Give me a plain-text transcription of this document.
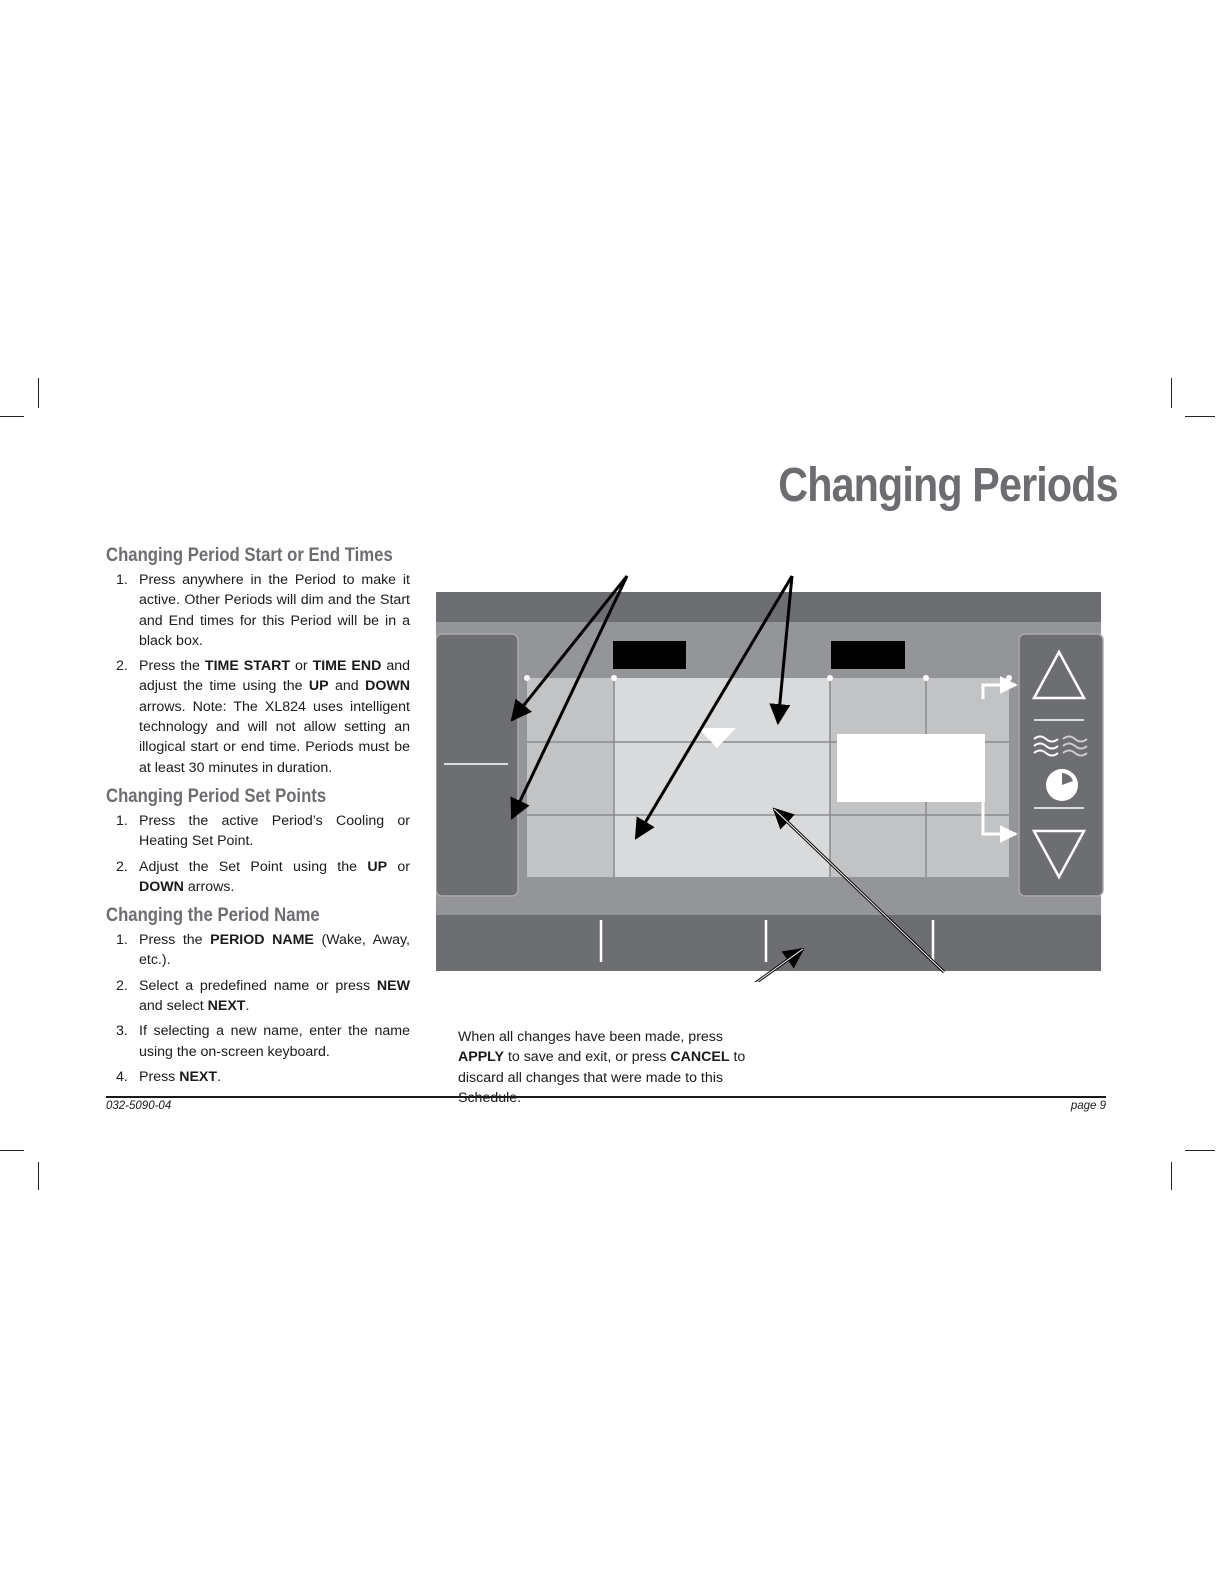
Changing Periods
Changing Period Start or End Times
1. Press anywhere in the Period to make it active. Other Periods will dim and the Start and End times for this Period will be in a black box.
2. Press the TIME START or TIME END and adjust the time using the UP and DOWN arrows. Note: The XL824 uses intelligent technology and will not allow setting an illogical start or end time. Periods must be at least 30 minutes in duration.
Changing Period Set Points
1. Press the active Period’s Cooling or Heating Set Point.
2. Adjust the Set Point using the UP or DOWN arrows.
Changing the Period Name
1. Press the PERIOD NAME (Wake, Away, etc.).
2. Select a predefined name or press NEW and select NEXT.
3. If selecting a new name, enter the name using the on-screen keyboard.
4. Press NEXT.
When all changes have been made, press APPLY to save and exit, or press CANCEL to discard all changes that were made to this
032-5090-04	page 9
